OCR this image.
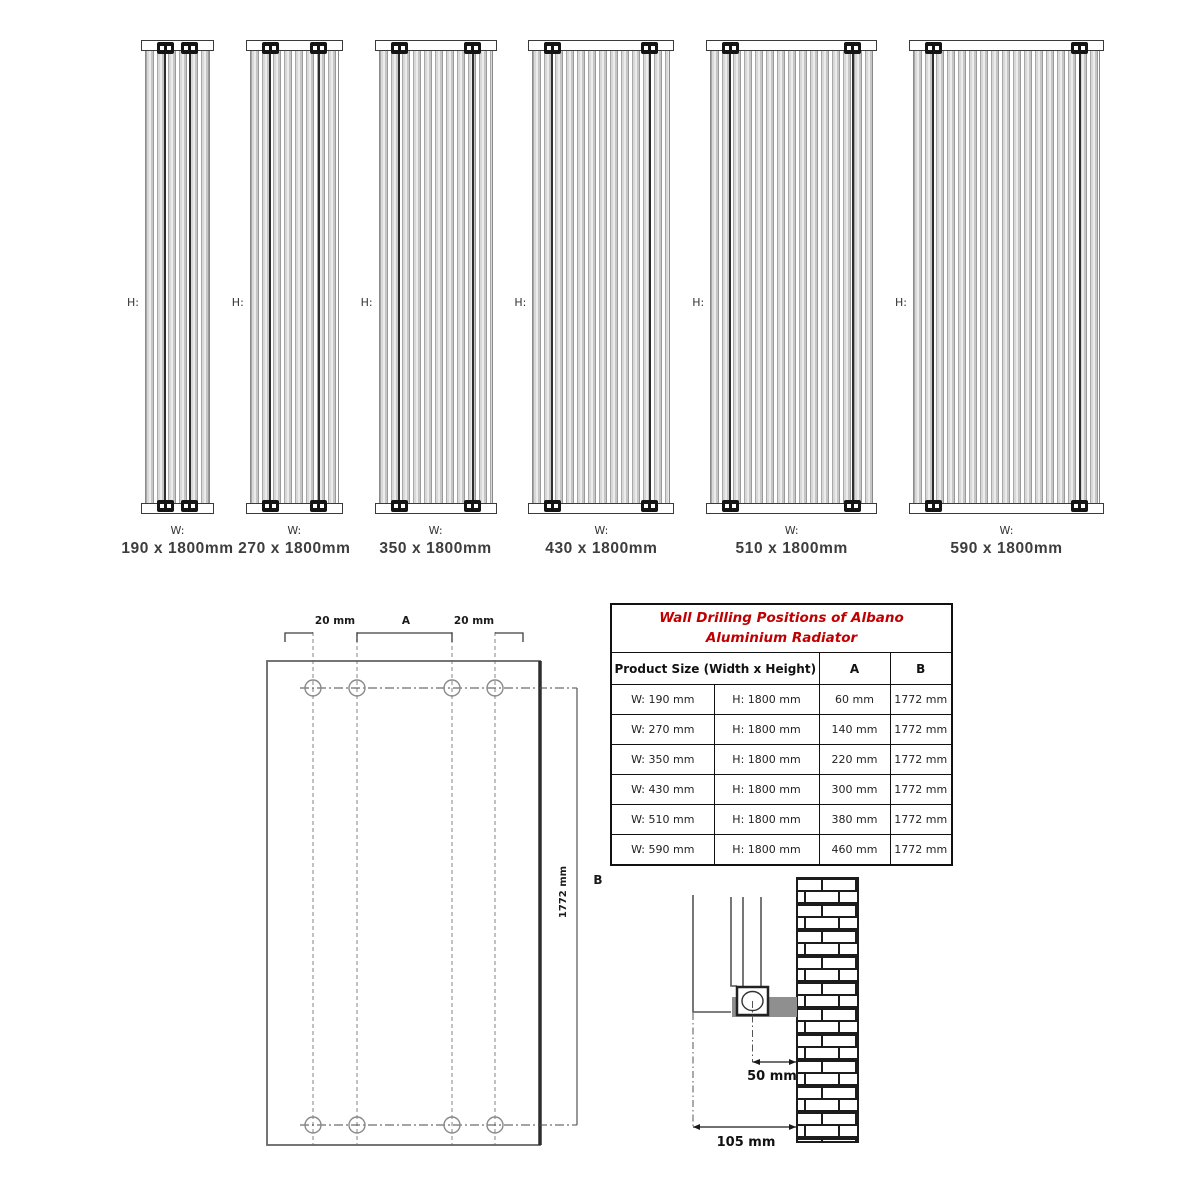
H:
W:
190 x 1800mm
H:
W:
270 x 1800mm
H:
W:
350 x 1800mm
H:
W:
430 x 1800mm
H:
W:
510 x 1800mm
H:
W:
590 x 1800mm
20 mm	A	20 mm
1772 mm B
Wall Drilling Positions of Albano Aluminium Radiator			

Product Size (Width x Height)		A	B
W: 190 mm	H: 1800 mm	60 mm	1772 mm
W: 270 mm	H: 1800 mm	140 mm	1772 mm
W: 350 mm	H: 1800 mm	220 mm	1772 mm
W: 430 mm	H: 1800 mm	300 mm	1772 mm
W: 510 mm	H: 1800 mm	380 mm	1772 mm
W: 590 mm	H: 1800 mm	460 mm	1772 mm
50 mm
105 mm
